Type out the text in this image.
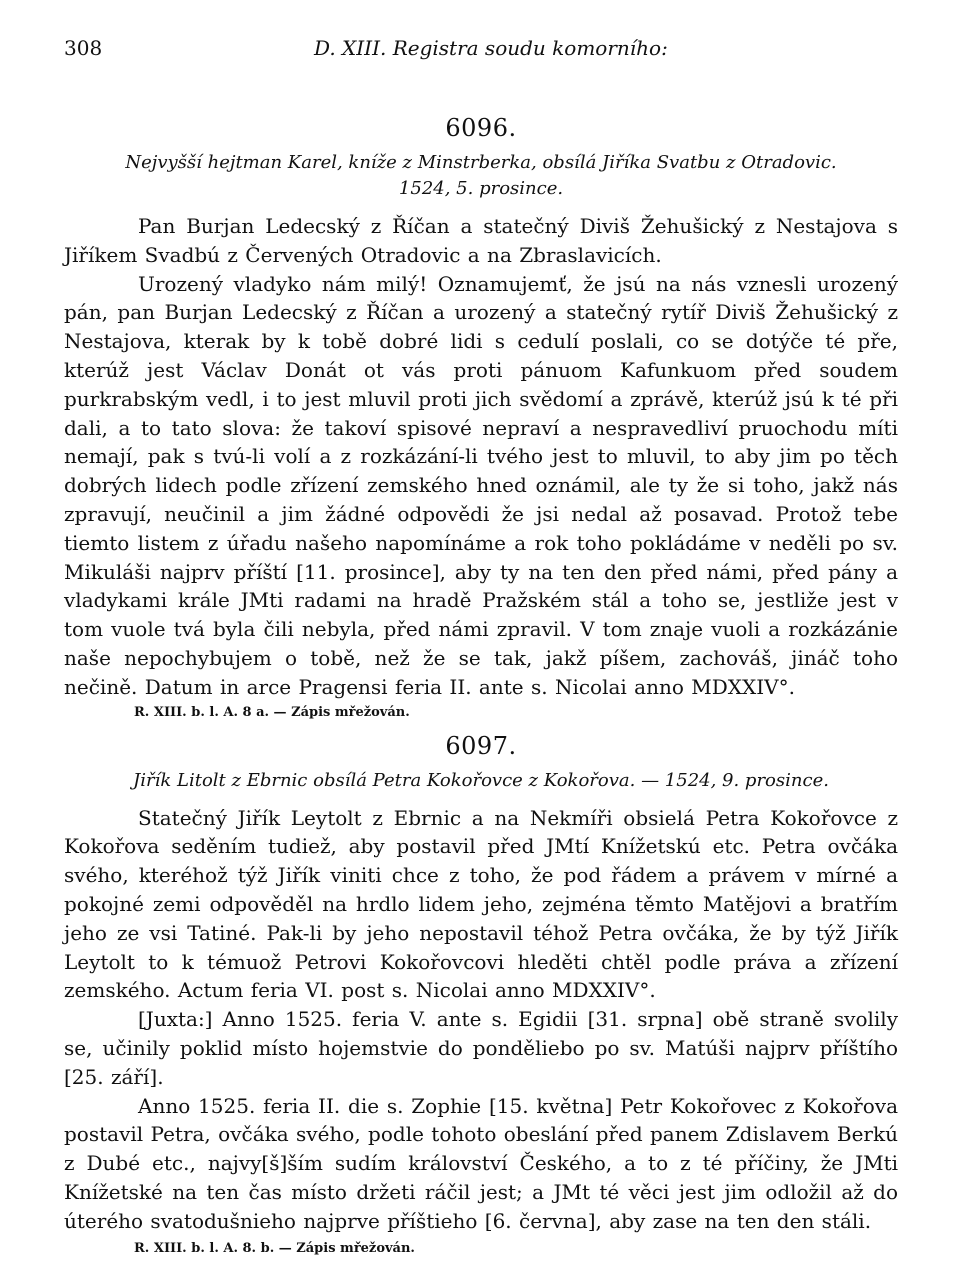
308	D. XIII. Registra soudu komorního:
6096.
Nejvyšší hejtman Karel, kníže z Minstrberka, obsílá Jiříka Svatbu z Otradovic.
1524, 5. prosince.

Pan Burjan Ledecský z Říčan a statečný Diviš Žehušický z Nestajova s Jiříkem Svadbú z Červených Otradovic a na Zbraslavicích.

Urozený vladyko nám milý! Oznamujemť, že jsú na nás vznesli urozený pán, pan Burjan Ledecský z Říčan a urozený a statečný rytíř Diviš Žehušický z Nestajova, kterak by k tobě dobré lidi s cedulí poslali, co se dotýče té pře, kterúž jest Václav Donát ot vás proti pánuom Kafunkuom před soudem purkrabským vedl, i to jest mluvil proti jich svědomí a zprávě, kterúž jsú k té při dali, a to tato slova: že takoví spisové nepraví a nespravedliví pruochodu míti nemají, pak s tvú-li volí a z rozkázání-li tvého jest to mluvil, to aby jim po těch dobrých lidech podle zřízení zemského hned oznámil, ale ty že si toho, jakž nás zpravují, neučinil a jim žádné odpovědi že jsi nedal až posavad. Protož tebe tiemto listem z úřadu našeho napomínáme a rok toho pokládáme v neděli po sv. Mikuláši najprv příští [11. prosince], aby ty na ten den před námi, před pány a vladykami krále JMti radami na hradě Pražském stál a toho se, jestliže jest v tom vuole tvá byla čili nebyla, před námi zpravil. V tom znaje vuoli a rozkázánie naše nepochybujem o tobě, než že se tak, jakž píšem, zachováš, jináč toho nečině. Datum in arce Pragensi feria II. ante s. Nicolai anno MDXXIV°.

R. XIII. b. l. A. 8 a. — Zápis mřežován.
6097.
Jiřík Litolt z Ebrnic obsílá Petra Kokořovce z Kokořova. — 1524, 9. prosince.

Statečný Jiřík Leytolt z Ebrnic a na Nekmíři obsielá Petra Kokořovce z Kokořova seděním tudiež, aby postavil před JMtí Knížetskú etc. Petra ovčáka svého, kteréhož týž Jiřík viniti chce z toho, že pod řádem a právem v mírné a pokojné zemi odpověděl na hrdlo lidem jeho, zejména těmto Matějovi a bratřím jeho ze vsi Tatiné. Pak-li by jeho nepostavil téhož Petra ovčáka, že by týž Jiřík Leytolt to k témuož Petrovi Kokořovcovi hleděti chtěl podle práva a zřízení zemského. Actum feria VI. post s. Nicolai anno MDXXIV°.

[Juxta:] Anno 1525. feria V. ante s. Egidii [31. srpna] obě straně svolily se, učinily poklid místo hojemstvie do ponděliebo po sv. Matúši najprv příštího [25. září].

Anno 1525. feria II. die s. Zophie [15. května] Petr Kokořovec z Kokořova postavil Petra, ovčáka svého, podle tohoto obeslání před panem Zdislavem Berkú z Dubé etc., najvy[š]ším sudím království Českého, a to z té příčiny, že JMti Knížetské na ten čas místo držeti ráčil jest; a JMt té věci jest jim odložil až do úterého svatodušnieho najprve příštieho [6. června], aby zase na ten den stáli.

R. XIII. b. l. A. 8. b. — Zápis mřežován.
